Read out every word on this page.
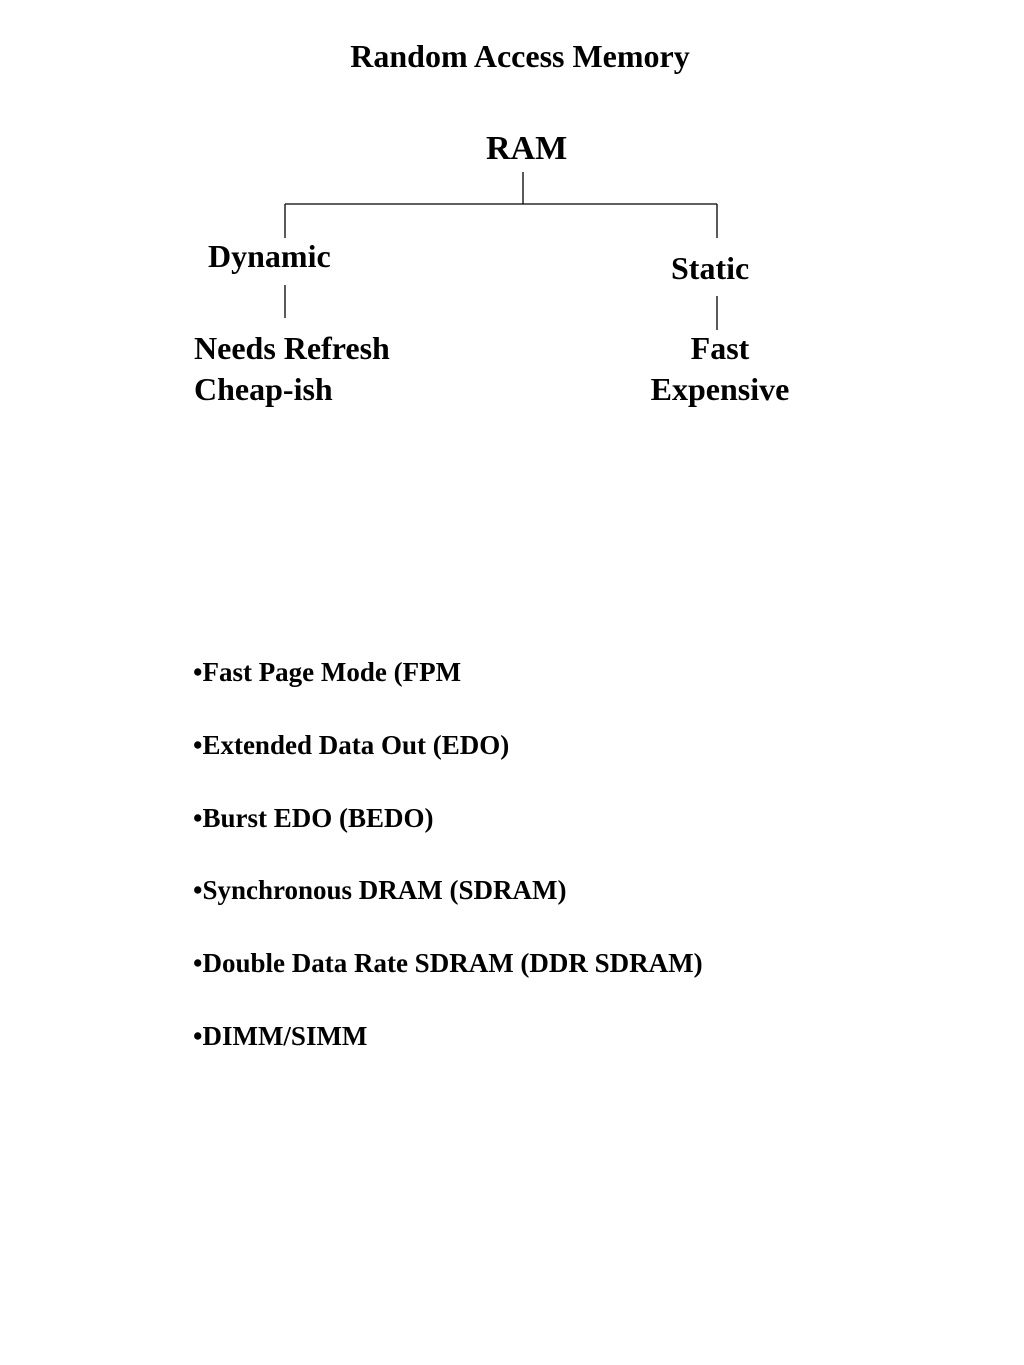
Random Access Memory
RAM
Dynamic	Static
Needs Refresh
Cheap-ish
Fast
Expensive
•Fast Page Mode (FPM
•Extended Data Out (EDO)
•Burst EDO (BEDO)
•Synchronous DRAM (SDRAM)
•Double Data Rate SDRAM (DDR SDRAM)
•DIMM/SIMM
